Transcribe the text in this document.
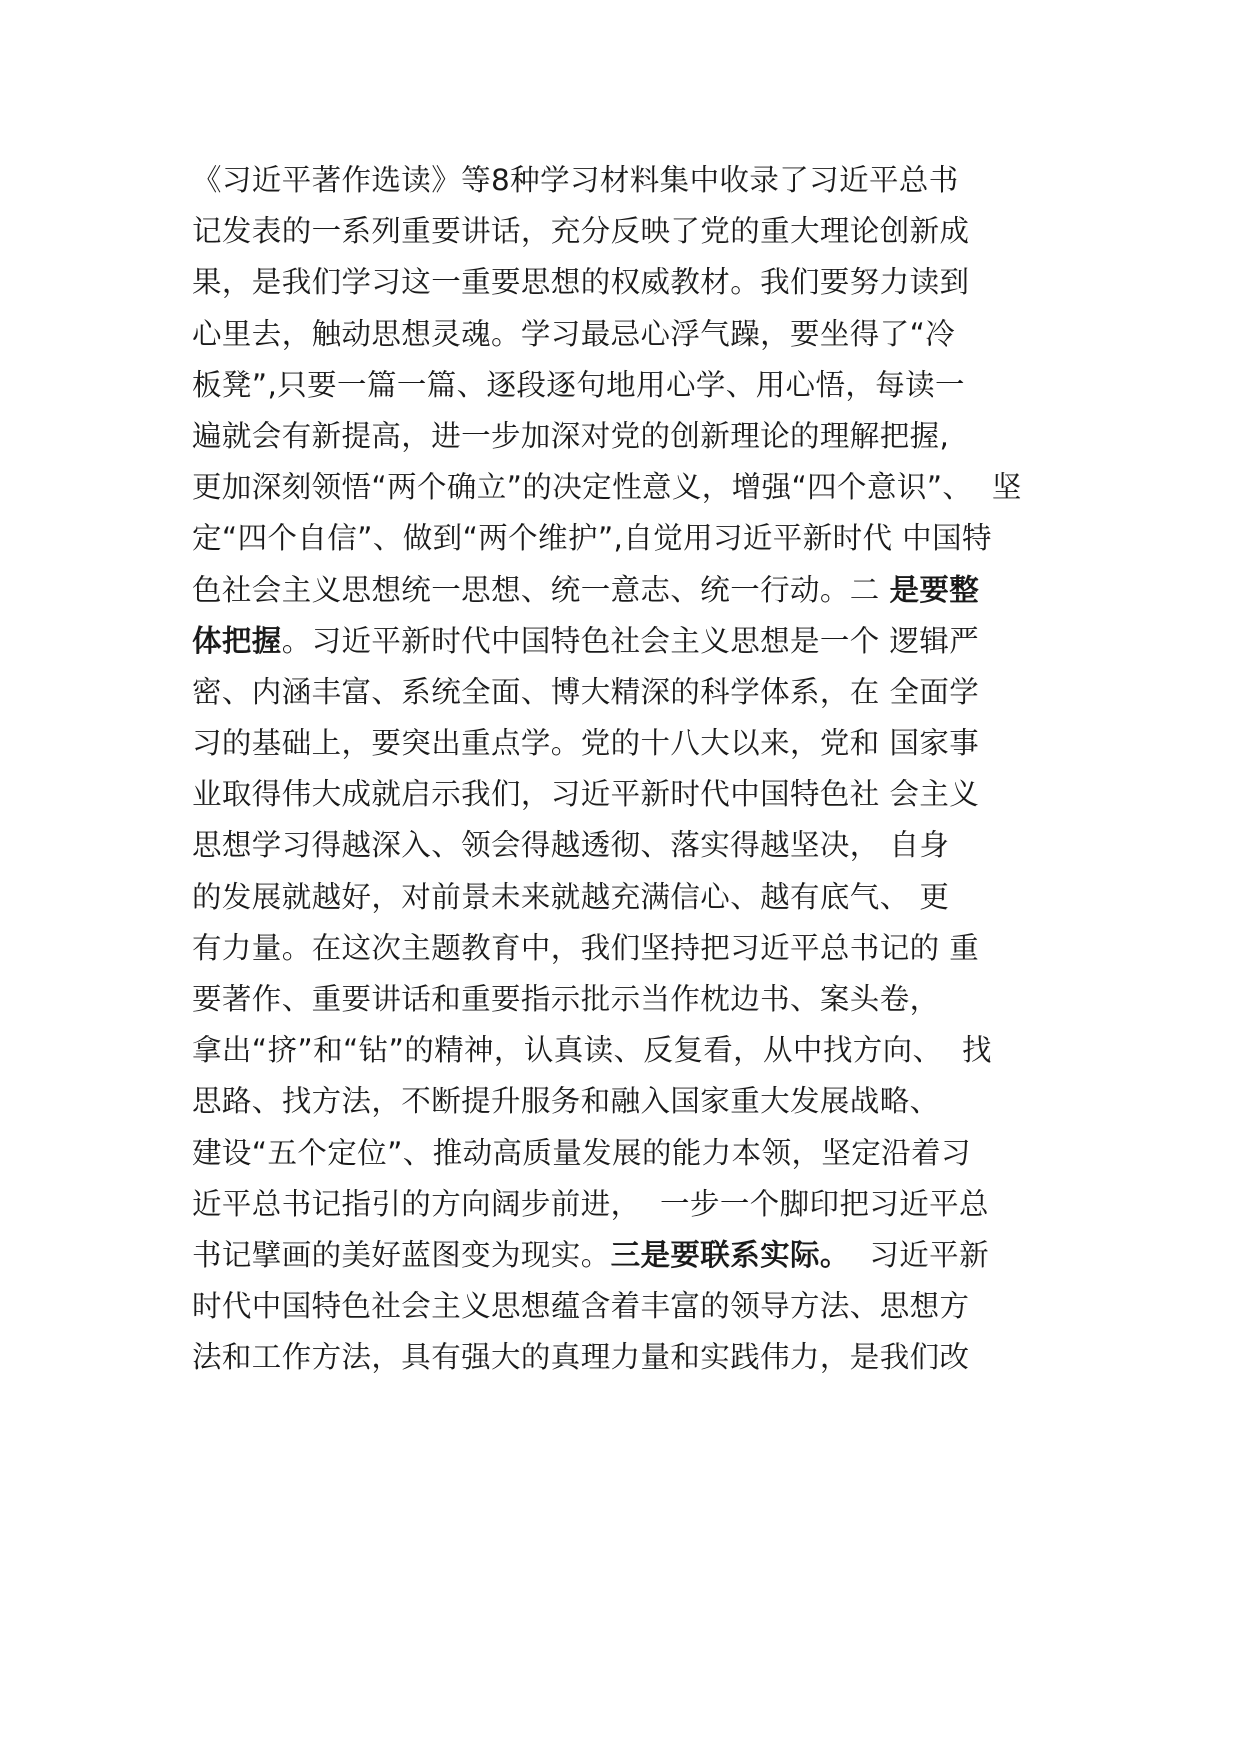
《习近平著作选读》等8种学习材料集中收录了习近平总书
记发表的一系列重要讲话，充分反映了党的重大理论创新成
果，是我们学习这一重要思想的权威教材。我们要努力读到
心里去，触动思想灵魂。学习最忌心浮气躁，要坐得了“冷
板凳”,只要一篇一篇、逐段逐句地用心学、用心悟，每读一
遍就会有新提高，进一步加深对党的创新理论的理解把握,
更加深刻领悟“两个确立”的决定性意义，增强“四个意识”、  坚
定“四个自信”、做到“两个维护”,自觉用习近平新时代 中国特
色社会主义思想统一思想、统一意志、统一行动。二 是要整
体把握。习近平新时代中国特色社会主义思想是一个 逻辑严
密、内涵丰富、系统全面、博大精深的科学体系，在 全面学
习的基础上，要突出重点学。党的十八大以来，党和 国家事
业取得伟大成就启示我们，习近平新时代中国特色社 会主义
思想学习得越深入、领会得越透彻、落实得越坚决， 自身
的发展就越好，对前景未来就越充满信心、越有底气、 更
有力量。在这次主题教育中，我们坚持把习近平总书记的 重
要著作、重要讲话和重要指示批示当作枕边书、案头卷，
拿出“挤”和“钻”的精神，认真读、反复看，从中找方向、  找
思路、找方法，不断提升服务和融入国家重大发展战略、
建设“五个定位”、推动高质量发展的能力本领，坚定沿着习
近平总书记指引的方向阔步前进，  一步一个脚印把习近平总
书记擘画的美好蓝图变为现实。三是要联系实际。  习近平新
时代中国特色社会主义思想蕴含着丰富的领导方法、思想方
法和工作方法，具有强大的真理力量和实践伟力，是我们改
